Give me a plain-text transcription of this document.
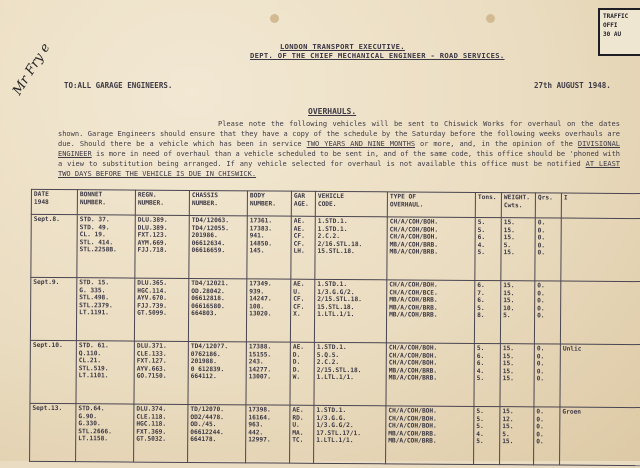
TRAFFIC
OFFI
30 AU
Mr Fry e	LONDON TRANSPORT EXECUTIVE.
DEPT. OF THE CHIEF MECHANICAL ENGINEER - ROAD SERVICES.
TO:ALL GARAGE ENGINEERS.	27th AUGUST 1948.
OVERHAULS.
Please note the following vehicles will be sent to Chiswick Works for overhaul on the dates shown. Garage Engineers should ensure that they have a copy of the schedule by the Saturday before the following weeks overhauls are due. Should there be a vehicle which has been in service TWO YEARS AND NINE MONTHS or more, and, in the opinion of the DIVISIONAL ENGINEER is more in need of overhaul than a vehicle scheduled to be sent in, and of the same code, this office should be 'phoned with a view to substitution being arranged. If any vehicle selected for overhaul is not available this office must be notified AT LEAST TWO DAYS BEFORE THE VEHICLE IS DUE IN CHISWICK.
DATE
1948	BONNET
NUMBER.	REGN.
NUMBER.	CHASSIS
NUMBER.	BODY
NUMBER.	GAR
AGE.	VEHICLE
CODE.	TYPE OF
OVERHAUL.	Tons.	WEIGHT.
Cwts.	Qrs.	I

Sept.8.	STD. 37.
STD. 49.
CL. 19.
STL. 414.
STL.2258B.	DLU.389.
DLU.389.
FXT.123.
AYM.669.
FJJ.718.	TD4/12063.
TD4/12055.
201986.
06612634.
06616659.	17361.
17383.
941.
14850.
145.	AE.
AE.
CF.
CF.
LH.	1.STD.1.
1.STD.1.
2.C.2.
2/16.STL.18.
15.STL.18.	CH/A/COH/BOH.
CH/A/COH/BOH.
CH/A/COH/BOH.
MB/A/COH/BRB.
MB/A/COH/BRB.	5.
5.
6.
4.
5.	15.
15.
15.
5.
15.	0.
0.
0.
0.
0.	

Sept.9.	STD. 15.
G. 335.
STL.498.
STL.2379.
LT.1191.	DLU.365.
HGC.114.
AYV.670.
FJJ.739.
GT.5099.	TD4/12021.
OD.28042.
06612818.
06616580.
664803.	17349.
939.
14247.
108.
13020.	AE.
U.
CF.
CF.
X.	1.STD.1.
1/3.G.G/2.
2/15.STL.18.
15.STL.18.
1.LTL.1/1.	CH/A/COH/BOH.
CH/A/COH/BCE.
MB/A/COH/BRB.
MB/A/COH/BRB.
MB/A/COH/BRB.	6.
7.
6.
5.
8.	15.
15.
15.
10.
5.	0.
0.
0.
0.
0.	

Sept.10.	STD. 61.
Q.110.
CL.21.
STL.519.
LT.1101.	DLU.371.
CLE.133.
FXT.127.
AYV.663.
GO.7150.	TD4/120?7.
0762186.
201988.
0 612839.
664112.	17388.
15155.
243.
14277.
13007.	AE.
D.
D.
D.
W.	1.STD.1.
5.Q.5.
2.C.2.
2/15.STL.18.
1.LTL.1/1.	CH/A/COH/BOH.
CH/A/COH/BOH.
CH/A/COH/BOH.
MB/A/COH/BRB.
MB/A/COH/BRB.	5.
6.
6.
4.
5.	15.
15.
15.
15.
15.	0.
0.
0.
0.
0.	Unlic

Sept.13.	STD.64.
G.90.
G.330.
STL.2666.
LT.1158.	DLU.374.
CLE.118.
HGC.118.
FXT.369.
GT.5032.	TD/12070.
OD2/4478.
OD./45.
06612244.
664178.	17398.
16164.
963.
442.
12997.	AE.
RD.
U.
MA.
TC.	1.STD.1.
1/3.G.G.
1/3.G.G/2.
17.STL.17/1.
1.LTL.1/1.	CH/A/COH/BOH.
CH/A/COH/BOH.
CH/A/COH/BOH.
MB/A/COH/BRB.
MB/A/COH/BRB.	5.
5.
5.
4.
5.	15.
12.
15.
5.
15.	0.
0.
0.
0.
0.	Groen
